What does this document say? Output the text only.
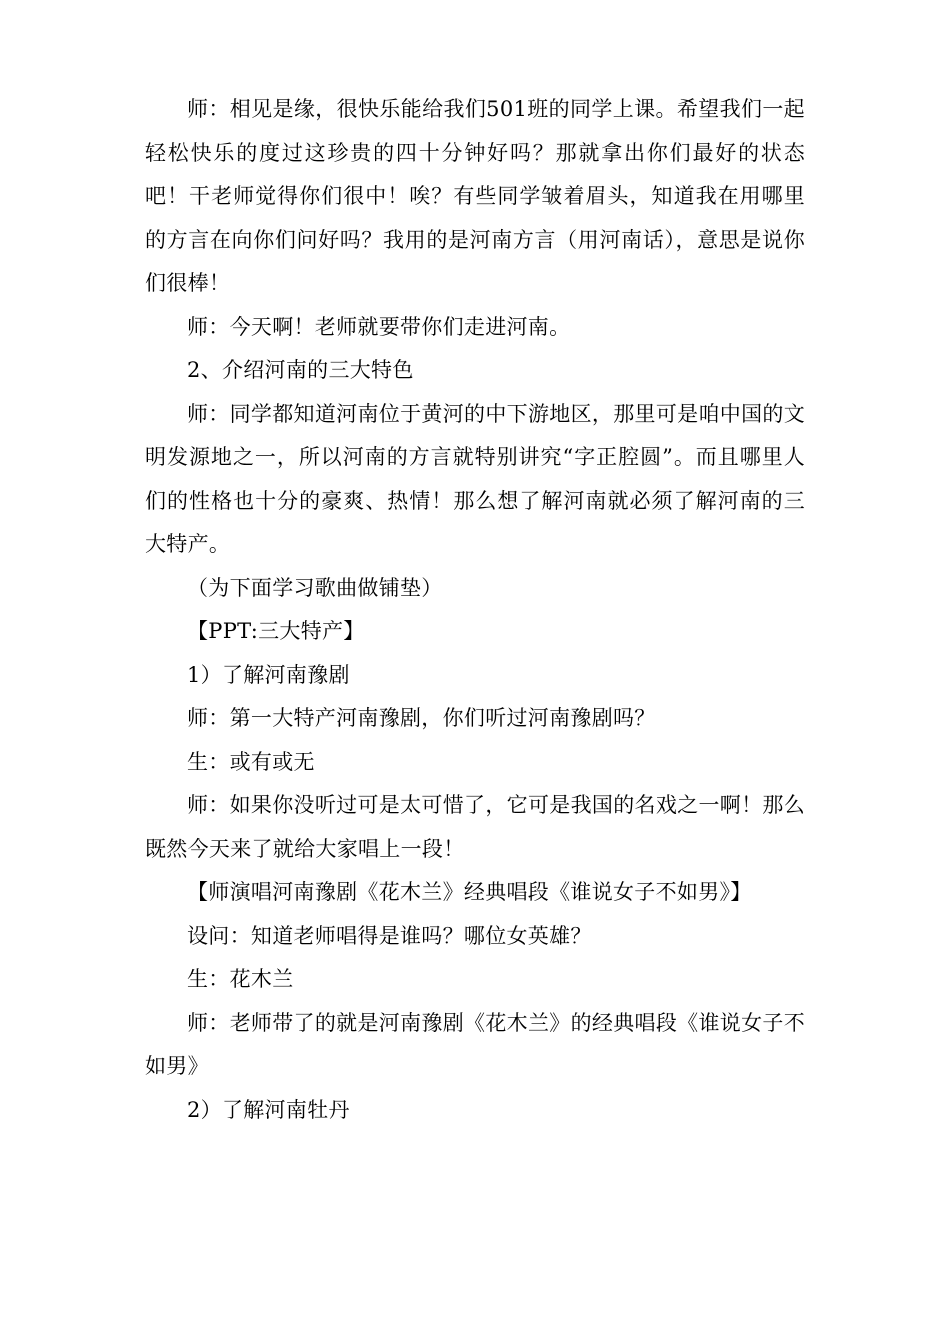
师：相见是缘，很快乐能给我们501班的同学上课。希望我们一起轻松快乐的度过这珍贵的四十分钟好吗？那就拿出你们最好的状态吧！干老师觉得你们很中！唉？有些同学皱着眉头，知道我在用哪里的方言在向你们问好吗？我用的是河南方言（用河南话），意思是说你们很棒！

师：今天啊！老师就要带你们走进河南。

2、介绍河南的三大特色

师：同学都知道河南位于黄河的中下游地区，那里可是咱中国的文明发源地之一，所以河南的方言就特别讲究“字正腔圆”。而且哪里人们的性格也十分的豪爽、热情！那么想了解河南就必须了解河南的三大特产。

（为下面学习歌曲做铺垫）

【PPT:三大特产】

1）了解河南豫剧

师：第一大特产河南豫剧，你们听过河南豫剧吗？

生：或有或无

师：如果你没听过可是太可惜了，它可是我国的名戏之一啊！那么既然今天来了就给大家唱上一段！

【师演唱河南豫剧《花木兰》经典唱段《谁说女子不如男》】

设问：知道老师唱得是谁吗？哪位女英雄？

生：花木兰

师：老师带了的就是河南豫剧《花木兰》的经典唱段《谁说女子不如男》

2）了解河南牡丹
